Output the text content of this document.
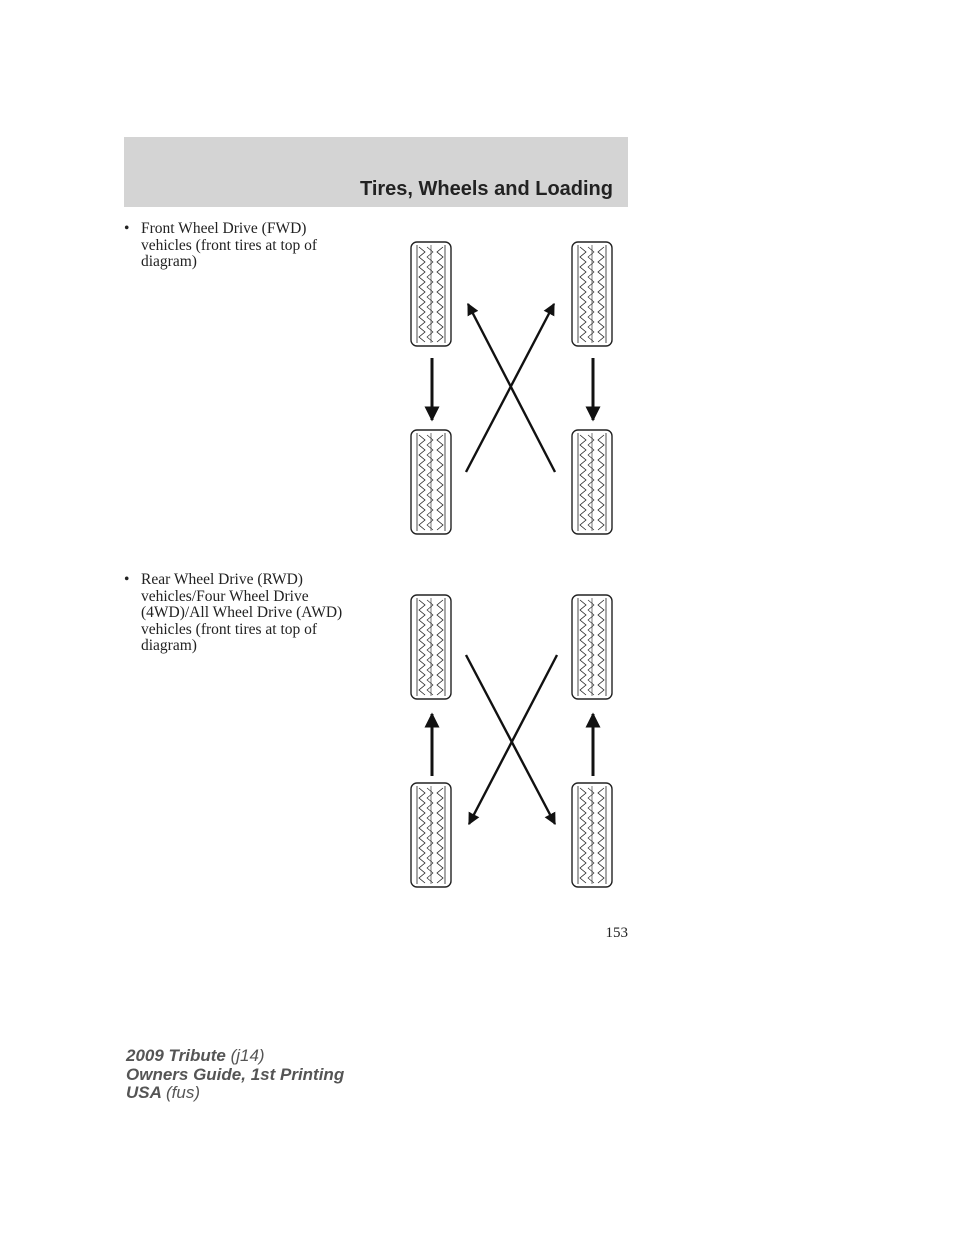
Tires, Wheels and Loading
• Front Wheel Drive (FWD)
vehicles (front tires at top of
diagram)
• Rear Wheel Drive (RWD)
vehicles/Four Wheel Drive
(4WD)/All Wheel Drive (AWD)
vehicles (front tires at top of
diagram)
153
2009 Tribute (j14)
Owners Guide, 1st Printing
USA (fus)
